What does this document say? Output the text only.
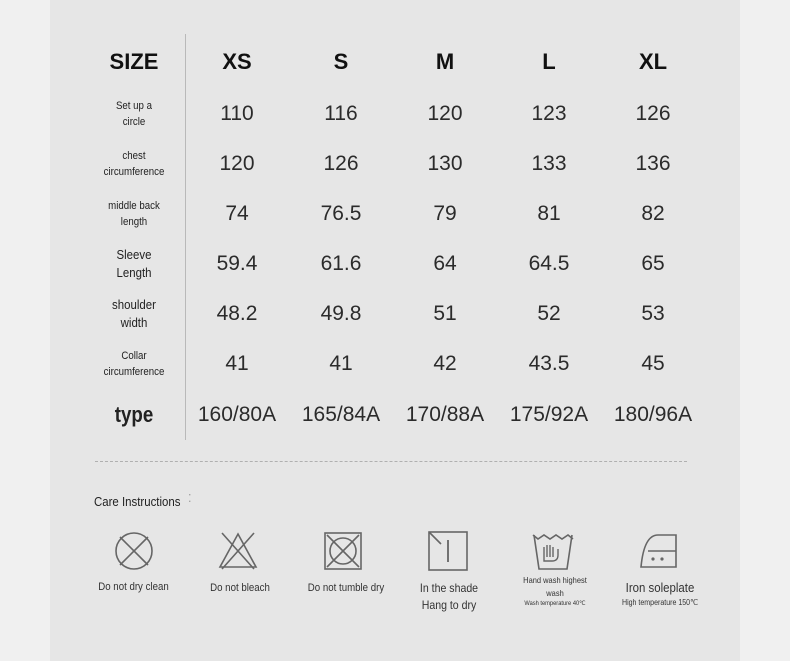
SIZE	XS	S	M	L	XL
Set up a
circle	110	116	120	123	126
chest
circumference	120	126	130	133	136
middle back
length	74	76.5	79	81	82
Sleeve
Length	59.4	61.6	64	64.5	65
shoulder
width	48.2	49.8	51	52	53
Collar
circumference	41	41	42	43.5	45
type	160/80A	165/84A	170/88A	175/92A	180/96A
Care Instructions ⁚
Do not dry clean	Do not bleach	Do not tumble dry	In the shade
Hang to dry
Hand wash highest
wash
Wash temperature 40℃
Iron soleplate
High temperature 150℃
